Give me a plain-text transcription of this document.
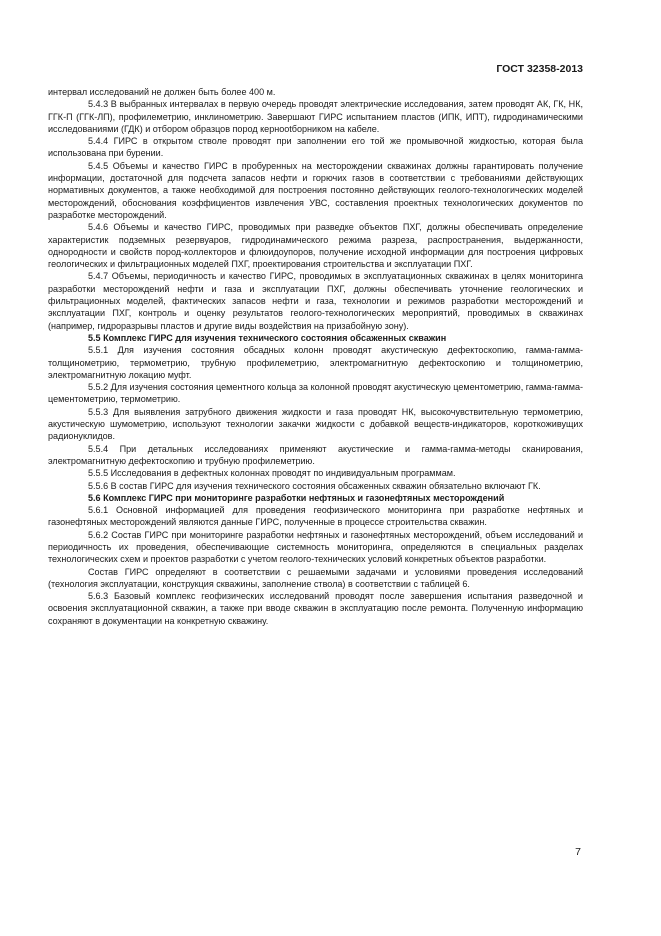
ГОСТ 32358-2013

интервал исследований не должен быть более 400 м.

5.4.3 В выбранных интервалах в первую очередь проводят электрические исследования, затем проводят АК, ГК, НК, ГГК-П (ГГК-ЛП), профилеметрию, инклинометрию. Завершают ГИРС испытанием пластов (ИПК, ИПТ), гидродинамическими исследованиями (ГДК) и отбором образцов пород кернootборником на кабеле.

5.4.4 ГИРС в открытом стволе проводят при заполнении его той же промывочной жидкостью, которая была использована при бурении.

5.4.5 Объемы и качество ГИРС в пробуренных на месторождении скважинах должны гарантировать получение информации, достаточной для подсчета запасов нефти и горючих газов в соответствии с требованиями действующих нормативных документов, а также необходимой для построения постоянно действующих геолого-технологических моделей месторождений, обоснования коэффициентов извлечения УВС, составления проектных технологических документов по разработке месторождений.

5.4.6 Объемы и качество ГИРС, проводимых при разведке объектов ПХГ, должны обеспечивать определение характеристик подземных резервуаров, гидродинамического режима разреза, распространения, выдержанности, однородности и свойств пород-коллекторов и флюидоупоров, получение исходной информации для построения цифровых геологических и фильтрационных моделей ПХГ, проектирования строительства и эксплуатации ПХГ.

5.4.7 Объемы, периодичность и качество ГИРС, проводимых в эксплуатационных скважинах в целях мониторинга разработки месторождений нефти и газа и эксплуатации ПХГ, должны обеспечивать уточнение геологических и фильтрационных моделей, фактических запасов нефти и газа, технологии и режимов разработки месторождений и эксплуатации ПХГ, контроль и оценку результатов геолого-технологических мероприятий, проводимых в скважинах (например, гидроразрывы пластов и другие виды воздействия на призабойную зону).

5.5 Комплекс ГИРС для изучения технического состояния обсаженных скважин

5.5.1 Для изучения состояния обсадных колонн проводят акустическую дефектоскопию, гамма-гамма-толщинометрию, термометрию, трубную профилеметрию, электромагнитную дефектоскопию и толщинометрию, электромагнитную локацию муфт.

5.5.2 Для изучения состояния цементного кольца за колонной проводят акустическую цементометрию, гамма-гамма-цементометрию, термометрию.

5.5.3 Для выявления затрубного движения жидкости и газа проводят НК, высокочувствительную термометрию, акустическую шумометрию, используют технологии закачки жидкости с добавкой веществ-индикаторов, короткоживущих радионуклидов.

5.5.4 При детальных исследованиях применяют акустические и гамма-гамма-методы сканирования, электромагнитную дефектоскопию и трубную профилеметрию.

5.5.5 Исследования в дефектных колоннах проводят по индивидуальным программам.

5.5.6 В состав ГИРС для изучения технического состояния обсаженных скважин обязательно включают ГК.

5.6 Комплекс ГИРС при мониторинге разработки нефтяных и газонефтяных месторождений

5.6.1 Основной информацией для проведения геофизического мониторинга при разработке нефтяных и газонефтяных месторождений являются данные ГИРС, полученные в процессе строительства скважин.

5.6.2 Состав ГИРС при мониторинге разработки нефтяных и газонефтяных месторождений, объем исследований и периодичность их проведения, обеспечивающие системность мониторинга, определяются в специальных разделах технологических схем и проектов разработки с учетом геолого-технических условий конкретных объектов разработки.

Состав ГИРС определяют в соответствии с решаемыми задачами и условиями проведения исследований (технология эксплуатации, конструкция скважины, заполнение ствола) в соответствии с таблицей 6.

5.6.3 Базовый комплекс геофизических исследований проводят после завершения испытания разведочной и освоения эксплуатационной скважин, а также при вводе скважин в эксплуатацию после ремонта. Полученную информацию сохраняют в документации на конкретную скважину.

7
